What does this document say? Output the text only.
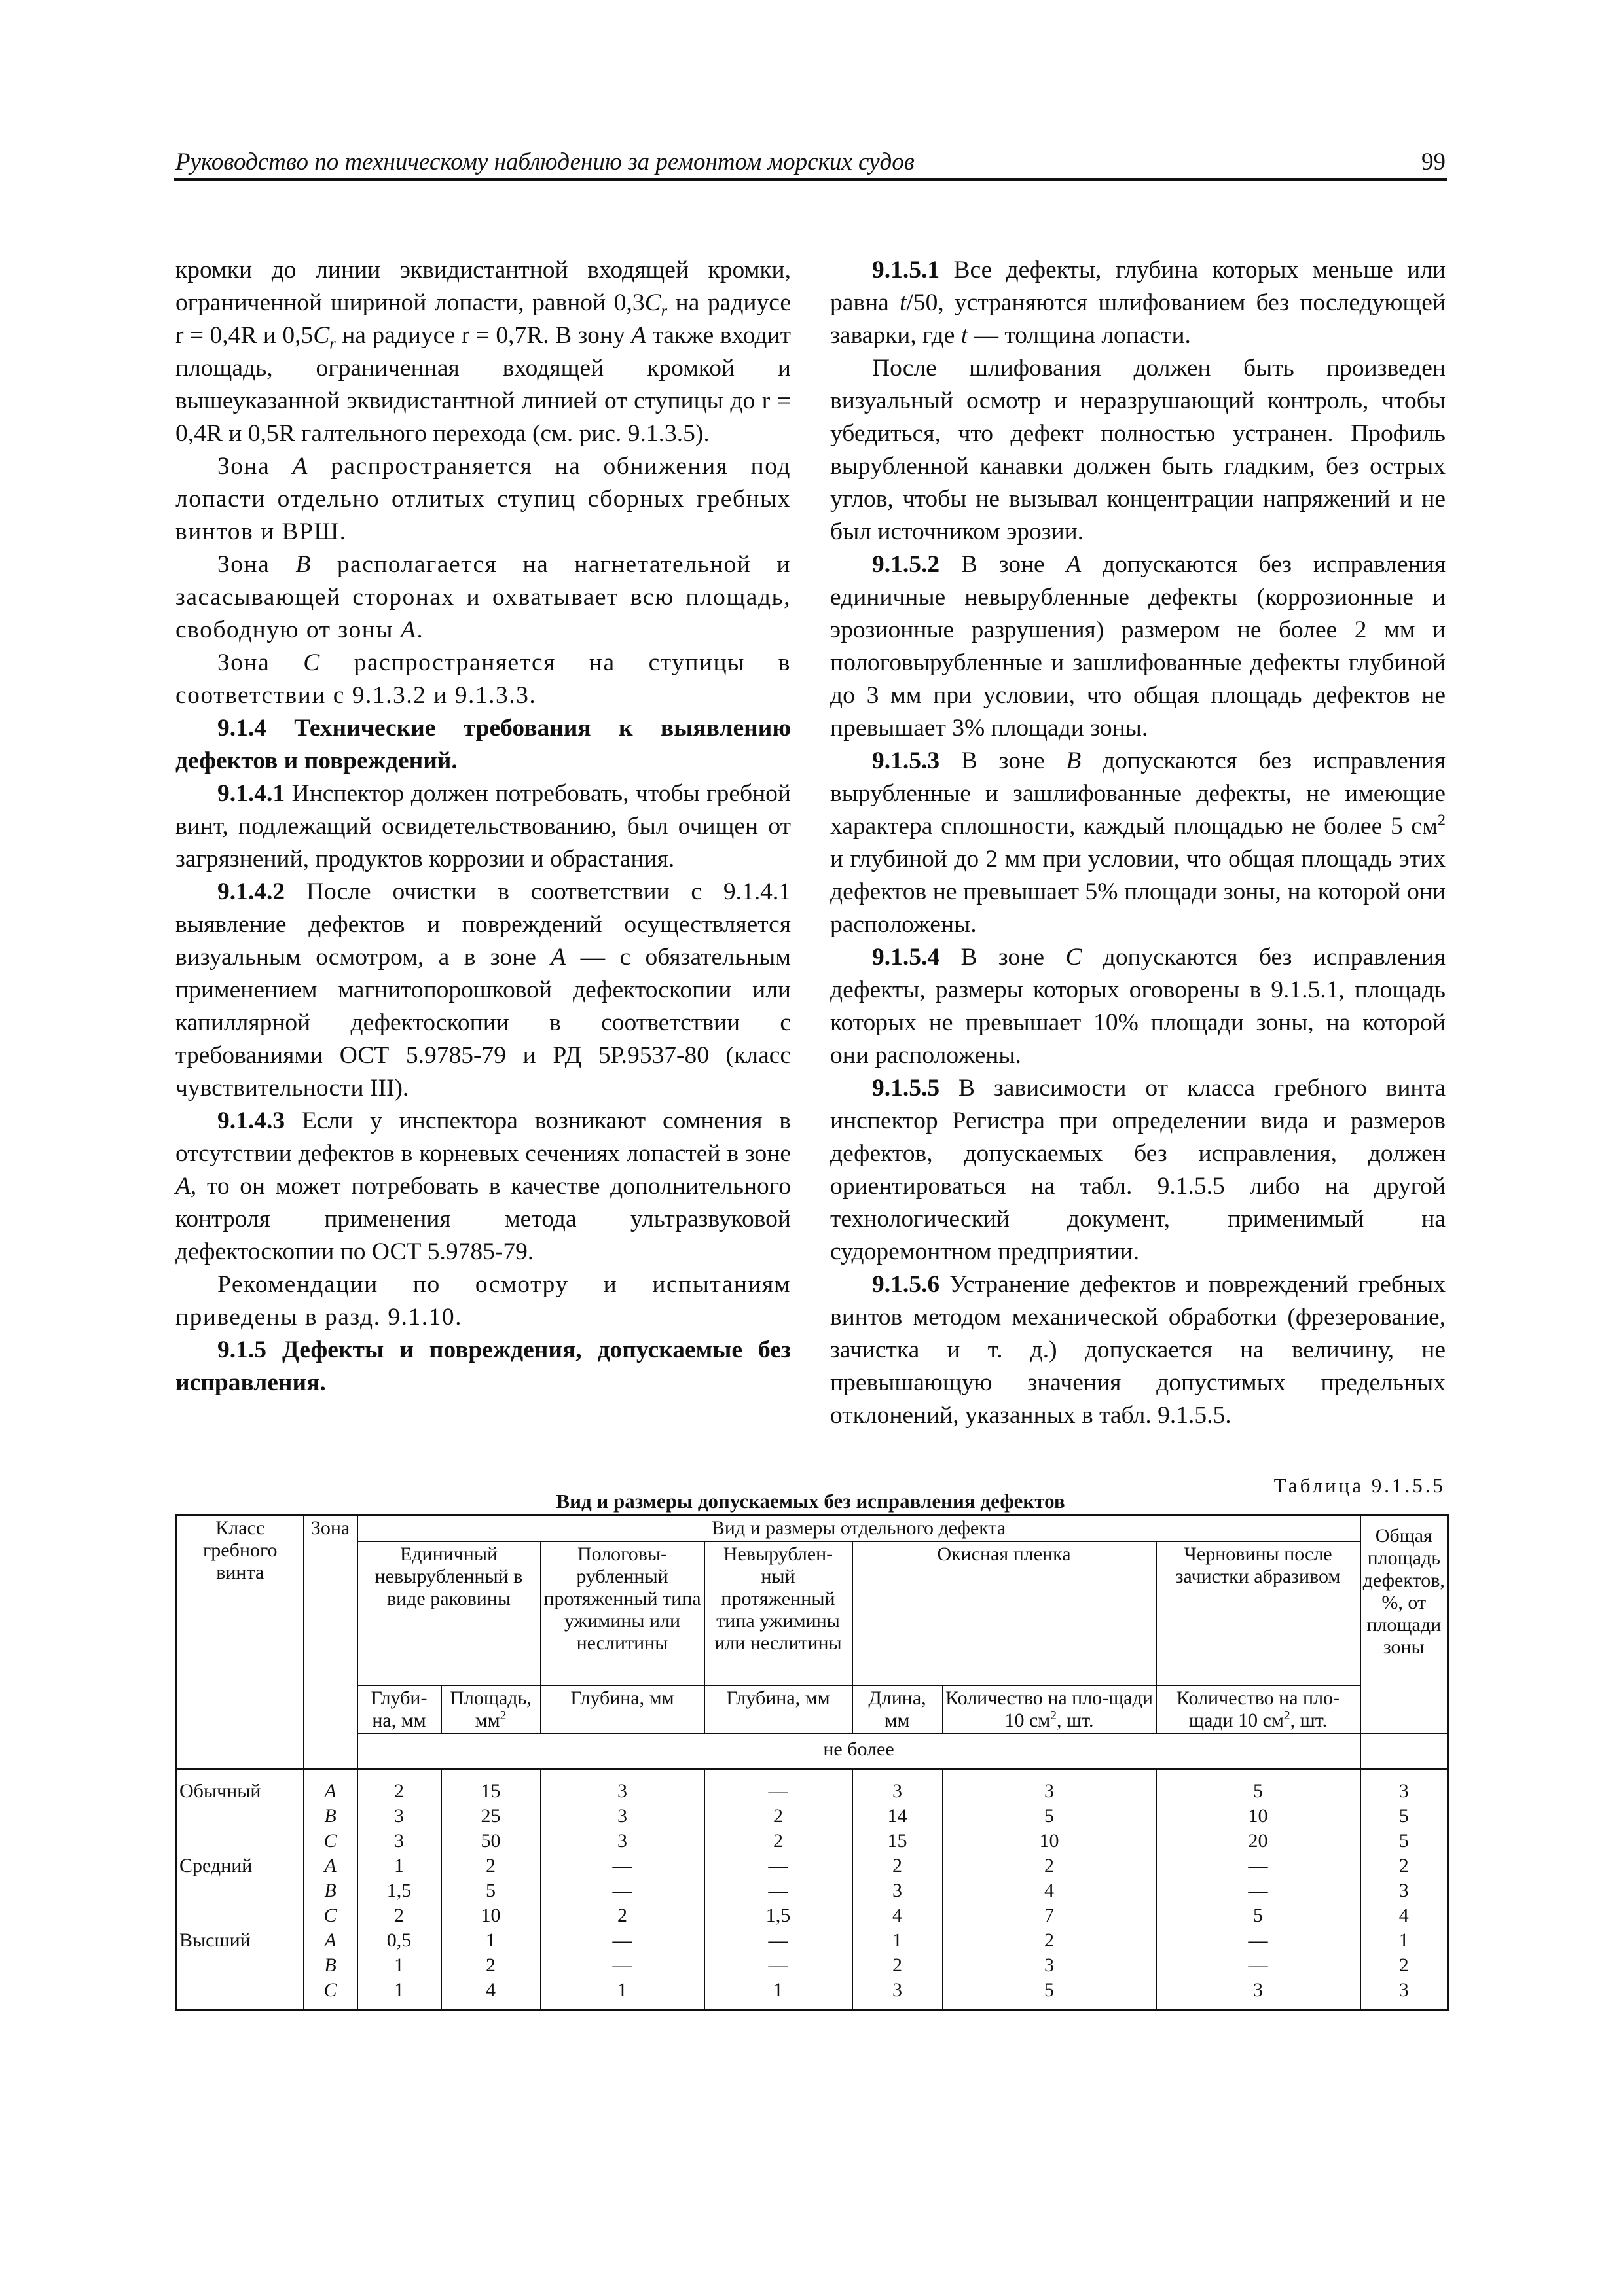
Руководство по техническому наблюдению за ремонтом морских судов	99

кромки до линии эквидистантной входящей кромки, ограниченной шириной лопасти, равной $0,3C_r$ на радиусе r = 0,4R и $0,5C_r$ на радиусе r = 0,7R. В зону A также входит площадь, ограниченная входящей кромкой и вышеуказанной эквидистантной линией от ступицы до r = 0,4R и 0,5R галтельного перехода (см. рис. 9.1.3.5).

Зона A распространяется на обнижения под лопасти отдельно отлитых ступиц сборных гребных винтов и ВРШ.

Зона B располагается на нагнетательной и засасывающей сторонах и охватывает всю площадь, свободную от зоны A.

Зона C распространяется на ступицы в соответствии с 9.1.3.2 и 9.1.3.3.

9.1.4 Технические требования к выявлению дефектов и повреждений.

9.1.4.1 Инспектор должен потребовать, чтобы гребной винт, подлежащий освидетельствованию, был очищен от загрязнений, продуктов коррозии и обрастания.

9.1.4.2 После очистки в соответствии с 9.1.4.1 выявление дефектов и повреждений осуществляется визуальным осмотром, а в зоне A — с обязательным применением магнитопорошковой дефектоскопии или капиллярной дефектоскопии в соответствии с требованиями ОСТ 5.9785-79 и РД 5Р.9537-80 (класс чувствительности III).

9.1.4.3 Если у инспектора возникают сомнения в отсутствии дефектов в корневых сечениях лопастей в зоне A, то он может потребовать в качестве дополнительного контроля применения метода ультразвуковой дефектоскопии по ОСТ 5.9785-79.

Рекомендации по осмотру и испытаниям приведены в разд. 9.1.10.

9.1.5 Дефекты и повреждения, допускаемые без исправления.

9.1.5.1 Все дефекты, глубина которых меньше или равна t/50, устраняются шлифованием без последующей заварки, где t — толщина лопасти.

После шлифования должен быть произведен визуальный осмотр и неразрушающий контроль, чтобы убедиться, что дефект полностью устранен. Профиль вырубленной канавки должен быть гладким, без острых углов, чтобы не вызывал концентрации напряжений и не был источником эрозии.

9.1.5.2 В зоне A допускаются без исправления единичные невырубленные дефекты (коррозионные и эрозионные разрушения) размером не более 2 мм и пологовырубленные и зашлифованные дефекты глубиной до 3 мм при условии, что общая площадь дефектов не превышает 3% площади зоны.

9.1.5.3 В зоне B допускаются без исправления вырубленные и зашлифованные дефекты, не имеющие характера сплошности, каждый площадью не более 5 $см^2$ и глубиной до 2 мм при условии, что общая площадь этих дефектов не превышает 5% площади зоны, на которой они расположены.

9.1.5.4 В зоне C допускаются без исправления дефекты, размеры которых оговорены в 9.1.5.1, площадь которых не превышает 10% площади зоны, на которой они расположены.

9.1.5.5 В зависимости от класса гребного винта инспектор Регистра при определении вида и размеров дефектов, допускаемых без исправления, должен ориентироваться на табл. 9.1.5.5 либо на другой технологический документ, применимый на судоремонтном предприятии.

9.1.5.6 Устранение дефектов и повреждений гребных винтов методом механической обработки (фрезерование, зачистка и т. д.) допускается на величину, не превышающую значения допустимых предельных отклонений, указанных в табл. 9.1.5.5.

Таблица 9.1.5.5
Вид и размеры допускаемых без исправления дефектов
Класс гребного винта	Зона	Вид и размеры отдельного дефекта							Общая площадь дефектов, %, от площади зоны
		Единичный невырубленный в виде раковины		Пологовы-рубленный протяженный типа ужимины или неслитины	Невырублен-ный протяженный типа ужимины или неслитины	Окисная пленка		Черновины после зачистки абразивом	
		Глуби-на, мм	Площадь, $мм^2$	Глубина, мм	Глубина, мм	Длина, мм	Количество на пло-щади 10 $см^2$, шт.	Количество на пло-щади 10 $см^2$, шт.	
		не более							
Обычный	A	2	15	3	—	3	3	5	3
	B	3	25	3	2	14	5	10	5
	C	3	50	3	2	15	10	20	5
Средний	A	1	2	—	—	2	2	—	2
	B	1,5	5	—	—	3	4	—	3
	C	2	10	2	1,5	4	7	5	4
Высший	A	0,5	1	—	—	1	2	—	1
	B	1	2	—	—	2	3	—	2
	C	1	4	1	1	3	5	3	3
